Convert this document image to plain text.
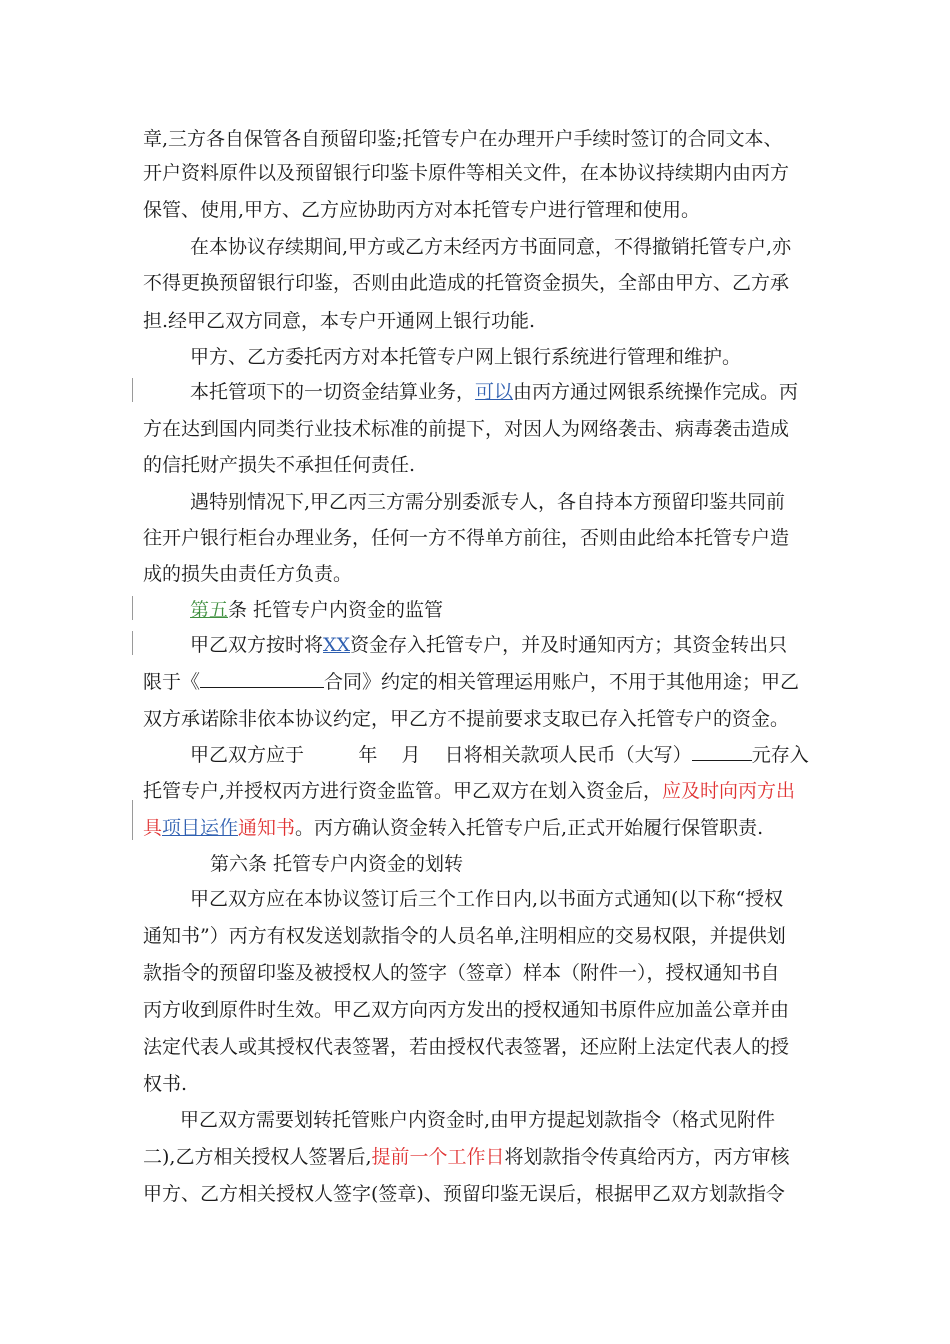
章,三方各自保管各自预留印鉴;托管专户在办理开户手续时签订的合同文本、
开户资料原件以及预留银行印鉴卡原件等相关文件，在本协议持续期内由丙方
保管、使用,甲方、乙方应协助丙方对本托管专户进行管理和使用。
在本协议存续期间,甲方或乙方未经丙方书面同意，不得撤销托管专户,亦
不得更换预留银行印鉴，否则由此造成的托管资金损失，全部由甲方、乙方承
担.经甲乙双方同意，本专户开通网上银行功能.
甲方、乙方委托丙方对本托管专户网上银行系统进行管理和维护。
本托管项下的一切资金结算业务，可以由丙方通过网银系统操作完成。丙
方在达到国内同类行业技术标准的前提下，对因人为网络袭击、病毒袭击造成
的信托财产损失不承担任何责任.
遇特别情况下,甲乙丙三方需分别委派专人，各自持本方预留印鉴共同前
往开户银行柜台办理业务，任何一方不得单方前往，否则由此给本托管专户造
成的损失由责任方负责。
第五条 托管专户内资金的监管
甲乙双方按时将XX资金存入托管专户，并及时通知丙方；其资金转出只
限于《	合同》约定的相关管理运用账户，不用于其他用途；甲乙
双方承诺除非依本协议约定，甲乙方不提前要求支取已存入托管专户的资金。
甲乙双方应于         年    月    日将相关款项人民币（大写）	元存入
托管专户,并授权丙方进行资金监管。甲乙双方在划入资金后，应及时向丙方出
具项目运作通知书。丙方确认资金转入托管专户后,正式开始履行保管职责.
第六条 托管专户内资金的划转
甲乙双方应在本协议签订后三个工作日内,以书面方式通知(以下称“授权
通知书”）丙方有权发送划款指令的人员名单,注明相应的交易权限，并提供划
款指令的预留印鉴及被授权人的签字（签章）样本（附件一），授权通知书自
丙方收到原件时生效。甲乙双方向丙方发出的授权通知书原件应加盖公章并由
法定代表人或其授权代表签署，若由授权代表签署，还应附上法定代表人的授
权书.
甲乙双方需要划转托管账户内资金时,由甲方提起划款指令（格式见附件
二),乙方相关授权人签署后,提前一个工作日将划款指令传真给丙方，丙方审核
甲方、乙方相关授权人签字(签章)、预留印鉴无误后，根据甲乙双方划款指令
